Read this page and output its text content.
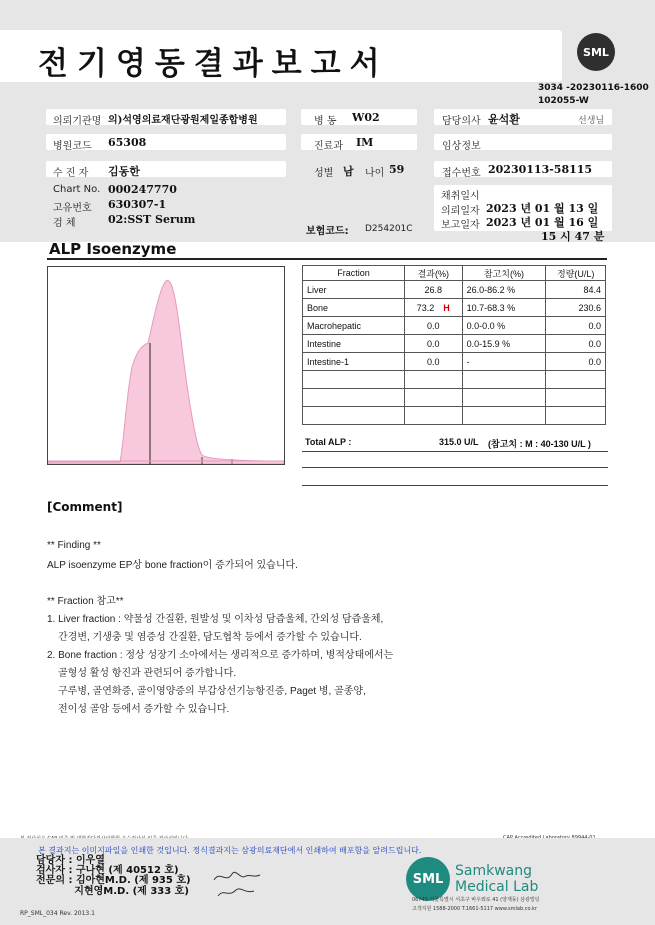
전기영동결과보고서	SML
3034 -20230116-1600
102055-W
의뢰기관명 의)석영의료재단광원제일종합병원	병 동 W02	담당의사 윤석환	선생님
병원코드 65308	진료과 IM	임상정보
수 진 자 김동한	성별 남 나이 59	접수번호 20230113-58115
Chart No. 000247770
고유번호 630307-1
검 체	02:SST Serum
채취일시
의뢰일자 2023 년 01 월 13 일
보고일자 2023 년 01 월 16 일
15 시 47 분
보험코드: D254201C
ALP Isoenzyme
Fraction	결과(%)	참고치(%)	정량(U/L)
Liver	26.8	26.0-86.2 %	84.4
Bone	73.2 H	10.7-68.3 %	230.6
Macrohepatic	0.0	0.0-0.0 %	0.0
Intestine	0.0	0.0-15.9 %	0.0
Intestine-1	0.0	-	0.0

Total ALP :	315.0 U/L (참고치 : M : 40-130 U/L )
[Comment]
** Finding **
ALP isoenzyme EP상 bone fraction이 증가되어 있습니다.
** Fraction 참고**
1. Liver fraction : 약물성 간질환, 원발성 및 이차성 담즙울체, 간외성 담즙울체,
간경변, 기생충 및 염증성 간질환, 담도협착 등에서 증가할 수 있습니다.
2. Bone fraction : 정상 성장기 소아에서는 생리적으로 증가하며, 병적상태에서는
골형성 활성 항진과 관련되어 증가합니다.
구루병, 골연화증, 골이영양증의 부갑상선기능항진증, Paget 병, 골종양,
전이성 골암 등에서 증가할 수 있습니다.
본 결과지는 이미지파일을 인쇄한 것입니다. 정식결과지는 삼광의료재단에서 인쇄하여 배포함을 알려드립니다.
담당자 : 이우열
검사자 : 구나현 (제 40512 호)
전문의 : 김아현M.D. (제 935 호)
지현영M.D. (제 333 호)
SML Samkwang
Medical Lab
06745 서울특별시 서초구 바우뫼로 41 (양재동) 삼광빌딩
고객지원 1588-2000 T.1661-5117 www.smlab.co.kr
RP_SML_034 Rev. 2013.1
